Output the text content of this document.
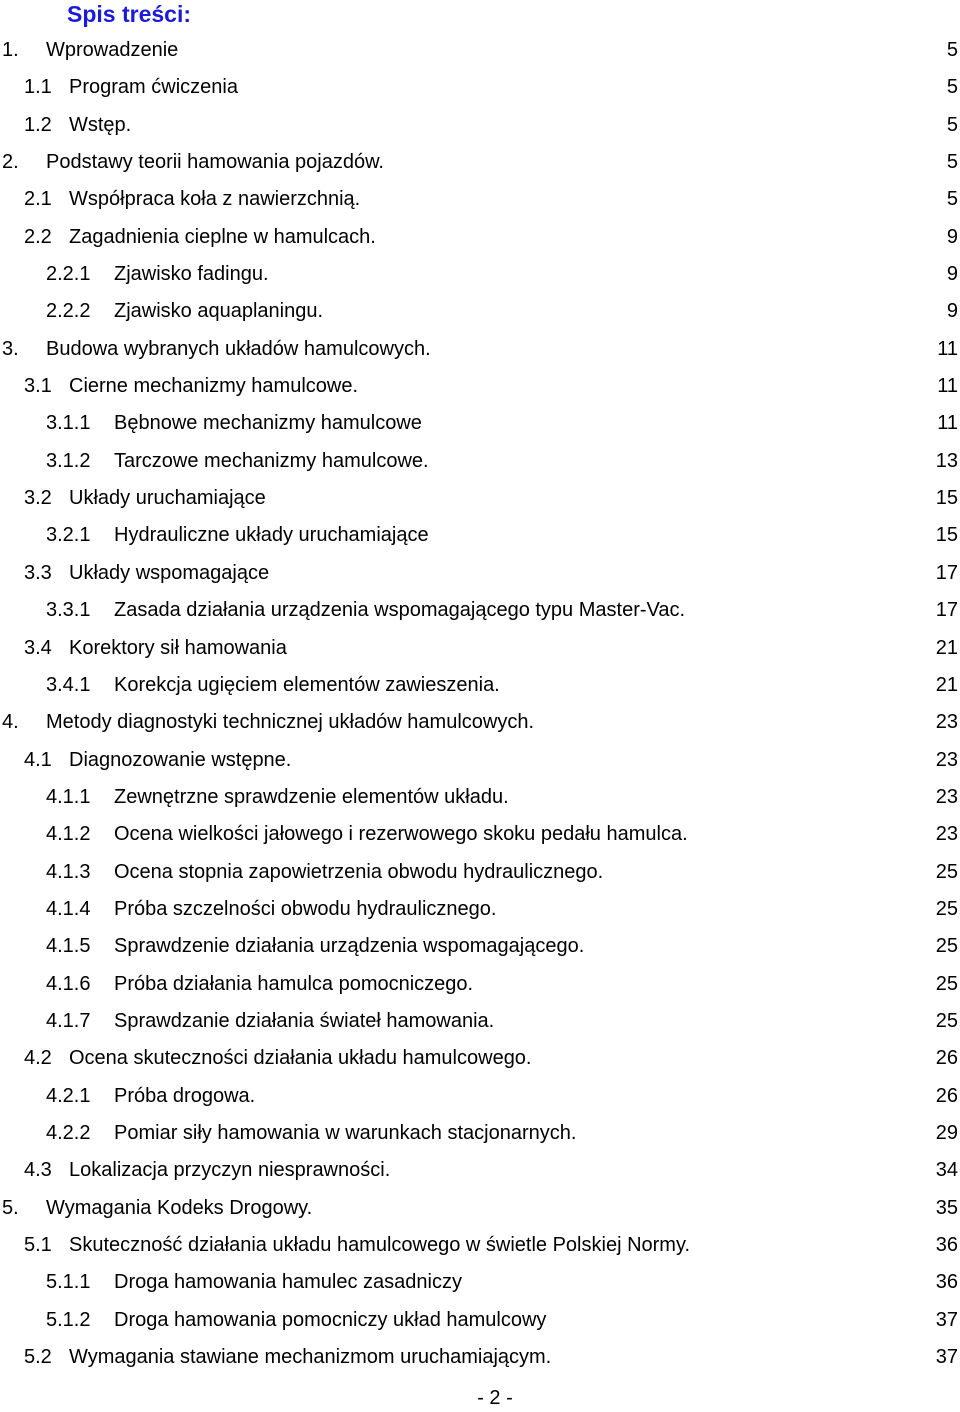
Spis treści:
1. Wprowadzenie	5
1.1 Program ćwiczenia	5
1.2 Wstęp.	5
2. Podstawy teorii hamowania pojazdów.	5
2.1 Współpraca koła z nawierzchnią.	5
2.2 Zagadnienia cieplne w hamulcach.	9
2.2.1 Zjawisko fadingu.	9
2.2.2 Zjawisko aquaplaningu.	9
3. Budowa wybranych układów hamulcowych.	11
3.1 Cierne mechanizmy hamulcowe.	11
3.1.1 Bębnowe mechanizmy hamulcowe	11
3.1.2 Tarczowe mechanizmy hamulcowe.	13
3.2 Układy uruchamiające	15
3.2.1 Hydrauliczne układy uruchamiające	15
3.3 Układy wspomagające	17
3.3.1 Zasada działania urządzenia wspomagającego typu Master-Vac.	17
3.4 Korektory sił hamowania	21
3.4.1 Korekcja ugięciem elementów zawieszenia.	21
4. Metody diagnostyki technicznej układów hamulcowych.	23
4.1 Diagnozowanie wstępne.	23
4.1.1 Zewnętrzne sprawdzenie elementów układu.	23
4.1.2 Ocena wielkości jałowego i rezerwowego skoku pedału hamulca.	23
4.1.3 Ocena stopnia zapowietrzenia obwodu hydraulicznego.	25
4.1.4 Próba szczelności obwodu hydraulicznego.	25
4.1.5 Sprawdzenie działania urządzenia wspomagającego.	25
4.1.6 Próba działania hamulca pomocniczego.	25
4.1.7 Sprawdzanie działania świateł hamowania.	25
4.2 Ocena skuteczności działania układu hamulcowego.	26
4.2.1 Próba drogowa.	26
4.2.2 Pomiar siły hamowania w warunkach stacjonarnych.	29
4.3 Lokalizacja przyczyn niesprawności.	34
5. Wymagania Kodeks Drogowy.	35
5.1 Skuteczność działania układu hamulcowego w świetle Polskiej Normy.	36
5.1.1 Droga hamowania hamulec zasadniczy	36
5.1.2 Droga hamowania pomocniczy układ hamulcowy	37
5.2 Wymagania stawiane mechanizmom uruchamiającym.	37
- 2 -
